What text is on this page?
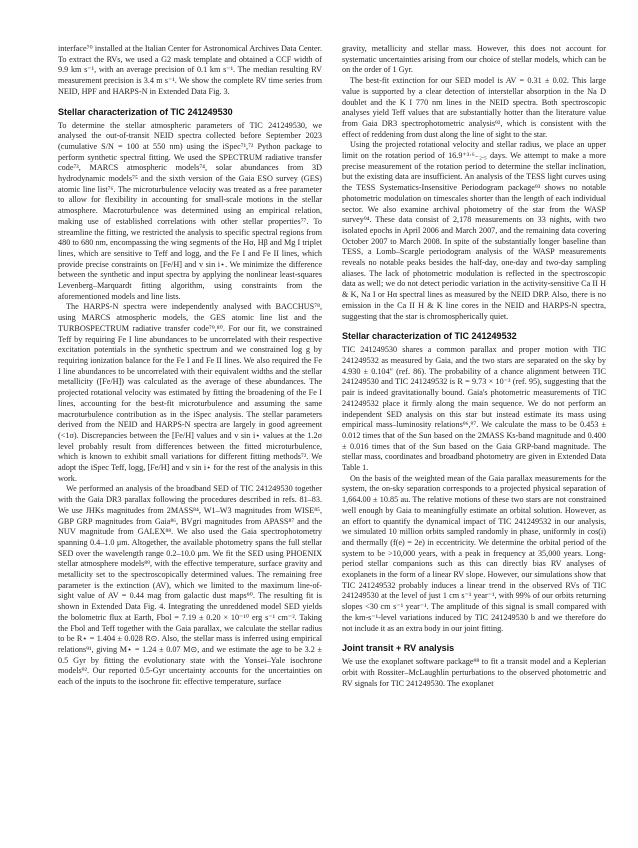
interface⁷⁰ installed at the Italian Center for Astronomical Archives Data Center. To extract the RVs, we used a G2 mask template and obtained a CCF width of 9.9 km s⁻¹, with an average precision of 0.1 km s⁻¹. The median resulting RV measurement precision is 3.4 m s⁻¹. We show the complete RV time series from NEID, HPF and HARPS-N in Extended Data Fig. 3.

Stellar characterization of TIC 241249530

To determine the stellar atmospheric parameters of TIC 241249530, we analysed the out-of-transit NEID spectra collected before September 2023 (cumulative S/N = 100 at 550 nm) using the iSpec⁷¹,⁷² Python package to perform synthetic spectral fitting. We used the SPECTRUM radiative transfer code⁷³, MARCS atmospheric models⁷⁴, solar abundances from 3D hydrodynamic models⁷⁵ and the sixth version of the Gaia ESO survey (GES) atomic line list⁷⁶. The microturbulence velocity was treated as a free parameter to allow for flexibility in accounting for small-scale motions in the stellar atmosphere. Macroturbulence was determined using an empirical relation, making use of established correlations with other stellar properties⁷⁷. To streamline the fitting, we restricted the analysis to specific spectral regions from 480 to 680 nm, encompassing the wing segments of the Hα, Hβ and Mg I triplet lines, which are sensitive to Teff and logg, and the Fe I and Fe II lines, which provide precise constraints on [Fe/H] and v sin i⋆. We minimize the difference between the synthetic and input spectra by applying the nonlinear least-squares Levenberg–Marquardt fitting algorithm, using constraints from the aforementioned models and line lists.

The HARPS-N spectra were independently analysed with BACCHUS⁷⁸, using MARCS atmospheric models, the GES atomic line list and the TURBOSPECTRUM radiative transfer code⁷⁹,⁸⁰. For our fit, we constrained Teff by requiring Fe I line abundances to be uncorrelated with their respective excitation potentials in the synthetic spectrum and we constrained log g by requiring ionization balance for the Fe I and Fe II lines. We also required the Fe I line abundances to be uncorrelated with their equivalent widths and the stellar metallicity ([Fe/H]) was calculated as the average of these abundances. The projected rotational velocity was estimated by fitting the broadening of the Fe I lines, accounting for the best-fit microturbulence and assuming the same macroturbulence contribution as in the iSpec analysis. The stellar parameters derived from the NEID and HARPS-N spectra are largely in good agreement (<1σ). Discrepancies between the [Fe/H] values and v sin i⋆ values at the 1.2σ level probably result from differences between the fitted microturbulence, which is known to exhibit small variations for different fitting methods⁷². We adopt the iSpec Teff, logg, [Fe/H] and v sin i⋆ for the rest of the analysis in this work.

We performed an analysis of the broadband SED of TIC 241249530 together with the Gaia DR3 parallax following the procedures described in refs. 81–83. We use JHKs magnitudes from 2MASS⁸⁴, W1–W3 magnitudes from WISE⁸⁵, GBP GRP magnitudes from Gaia⁸⁶, BVgri magnitudes from APASS⁸⁷ and the NUV magnitude from GALEX⁸⁸. We also used the Gaia spectrophotometry spanning 0.4–1.0 μm. Altogether, the available photometry spans the full stellar SED over the wavelength range 0.2–10.0 μm. We fit the SED using PHOENIX stellar atmosphere models⁸⁹, with the effective temperature, surface gravity and metallicity set to the spectroscopically determined values. The remaining free parameter is the extinction (AV), which we limited to the maximum line-of-sight value of AV = 0.44 mag from galactic dust maps⁹⁰. The resulting fit is shown in Extended Data Fig. 4. Integrating the unreddened model SED yields the bolometric flux at Earth, Fbol = 7.19 ± 0.20 × 10⁻¹⁰ erg s⁻¹ cm⁻². Taking the Fbol and Teff together with the Gaia parallax, we calculate the stellar radius to be R⋆ = 1.404 ± 0.028 R⊙. Also, the stellar mass is inferred using empirical relations⁹¹, giving M⋆ = 1.24 ± 0.07 M⊙, and we estimate the age to be 3.2 ± 0.5 Gyr by fitting the evolutionary state with the Yonsei–Yale isochrone models⁹². Our reported 0.5-Gyr uncertainty accounts for the uncertainties on each of the inputs to the isochrone fit: effective temperature, surface

gravity, metallicity and stellar mass. However, this does not account for systematic uncertainties arising from our choice of stellar models, which can be on the order of 1 Gyr.

The best-fit extinction for our SED model is AV = 0.31 ± 0.02. This large value is supported by a clear detection of interstellar absorption in the Na D doublet and the K I 770 nm lines in the NEID spectra. Both spectroscopic analyses yield Teff values that are substantially hotter than the literature value from Gaia DR3 spectrophotometric analysis⁹², which is consistent with the effect of reddening from dust along the line of sight to the star.

Using the projected rotational velocity and stellar radius, we place an upper limit on the rotation period of 16.9⁺³·⁶₋₂.₅ days. We attempt to make a more precise measurement of the rotation period to determine the stellar inclination, but the existing data are insufficient. An analysis of the TESS light curves using the TESS Systematics-Insensitive Periodogram package⁹³ shows no notable photometric modulation on timescales shorter than the length of each individual sector. We also examine archival photometry of the star from the WASP survey⁹⁴. These data consist of 2,178 measurements on 33 nights, with two isolated epochs in April 2006 and March 2007, and the remaining data covering October 2007 to March 2008. In spite of the substantially longer baseline than TESS, a Lomb–Scargle periodogram analysis of the WASP measurements reveals no notable peaks besides the half-day, one-day and two-day sampling aliases. The lack of photometric modulation is reflected in the spectroscopic data as well; we do not detect periodic variation in the activity-sensitive Ca II H & K, Na I or Hα spectral lines as measured by the NEID DRP. Also, there is no emission in the Ca II H & K line cores in the NEID and HARPS-N spectra, suggesting that the star is chromospherically quiet.

Stellar characterization of TIC 241249532

TIC 241249530 shares a common parallax and proper motion with TIC 241249532 as measured by Gaia, and the two stars are separated on the sky by 4.930 ± 0.104″ (ref. 86). The probability of a chance alignment between TIC 241249530 and TIC 241249532 is R = 9.73 × 10⁻³ (ref. 95), suggesting that the pair is indeed gravitationally bound. Gaia's photometric measurements of TIC 241249532 place it firmly along the main sequence. We do not perform an independent SED analysis on this star but instead estimate its mass using empirical mass–luminosity relations⁹⁶,⁹⁷. We calculate the mass to be 0.453 ± 0.012 times that of the Sun based on the 2MASS Ks-band magnitude and 0.400 ± 0.016 times that of the Sun based on the Gaia GRP-band magnitude. The stellar mass, coordinates and broadband photometry are given in Extended Data Table 1.

On the basis of the weighted mean of the Gaia parallax measurements for the system, the on-sky separation corresponds to a projected physical separation of 1,664.00 ± 10.85 au. The relative motions of these two stars are not constrained well enough by Gaia to meaningfully estimate an orbital solution. However, as an effort to quantify the dynamical impact of TIC 241249532 in our analysis, we simulated 10 million orbits sampled randomly in phase, uniformly in cos(i) and thermally (f(e) = 2e) in eccentricity. We determine the orbital period of the system to be >10,000 years, with a peak in frequency at 35,000 years. Long-period stellar companions such as this can directly bias RV analyses of exoplanets in the form of a linear RV slope. However, our simulations show that TIC 241249532 probably induces a linear trend in the observed RVs of TIC 241249530 at the level of just 1 cm s⁻¹ year⁻¹, with 99% of our orbits returning slopes <30 cm s⁻¹ year⁻¹. The amplitude of this signal is small compared with the km-s⁻¹-level variations induced by TIC 241249530 b and we therefore do not include it as an extra body in our joint fitting.

Joint transit + RV analysis

We use the exoplanet software package⁹⁸ to fit a transit model and a Keplerian orbit with Rossiter–McLaughlin perturbations to the observed photometric and RV signals for TIC 241249530. The exoplanet
